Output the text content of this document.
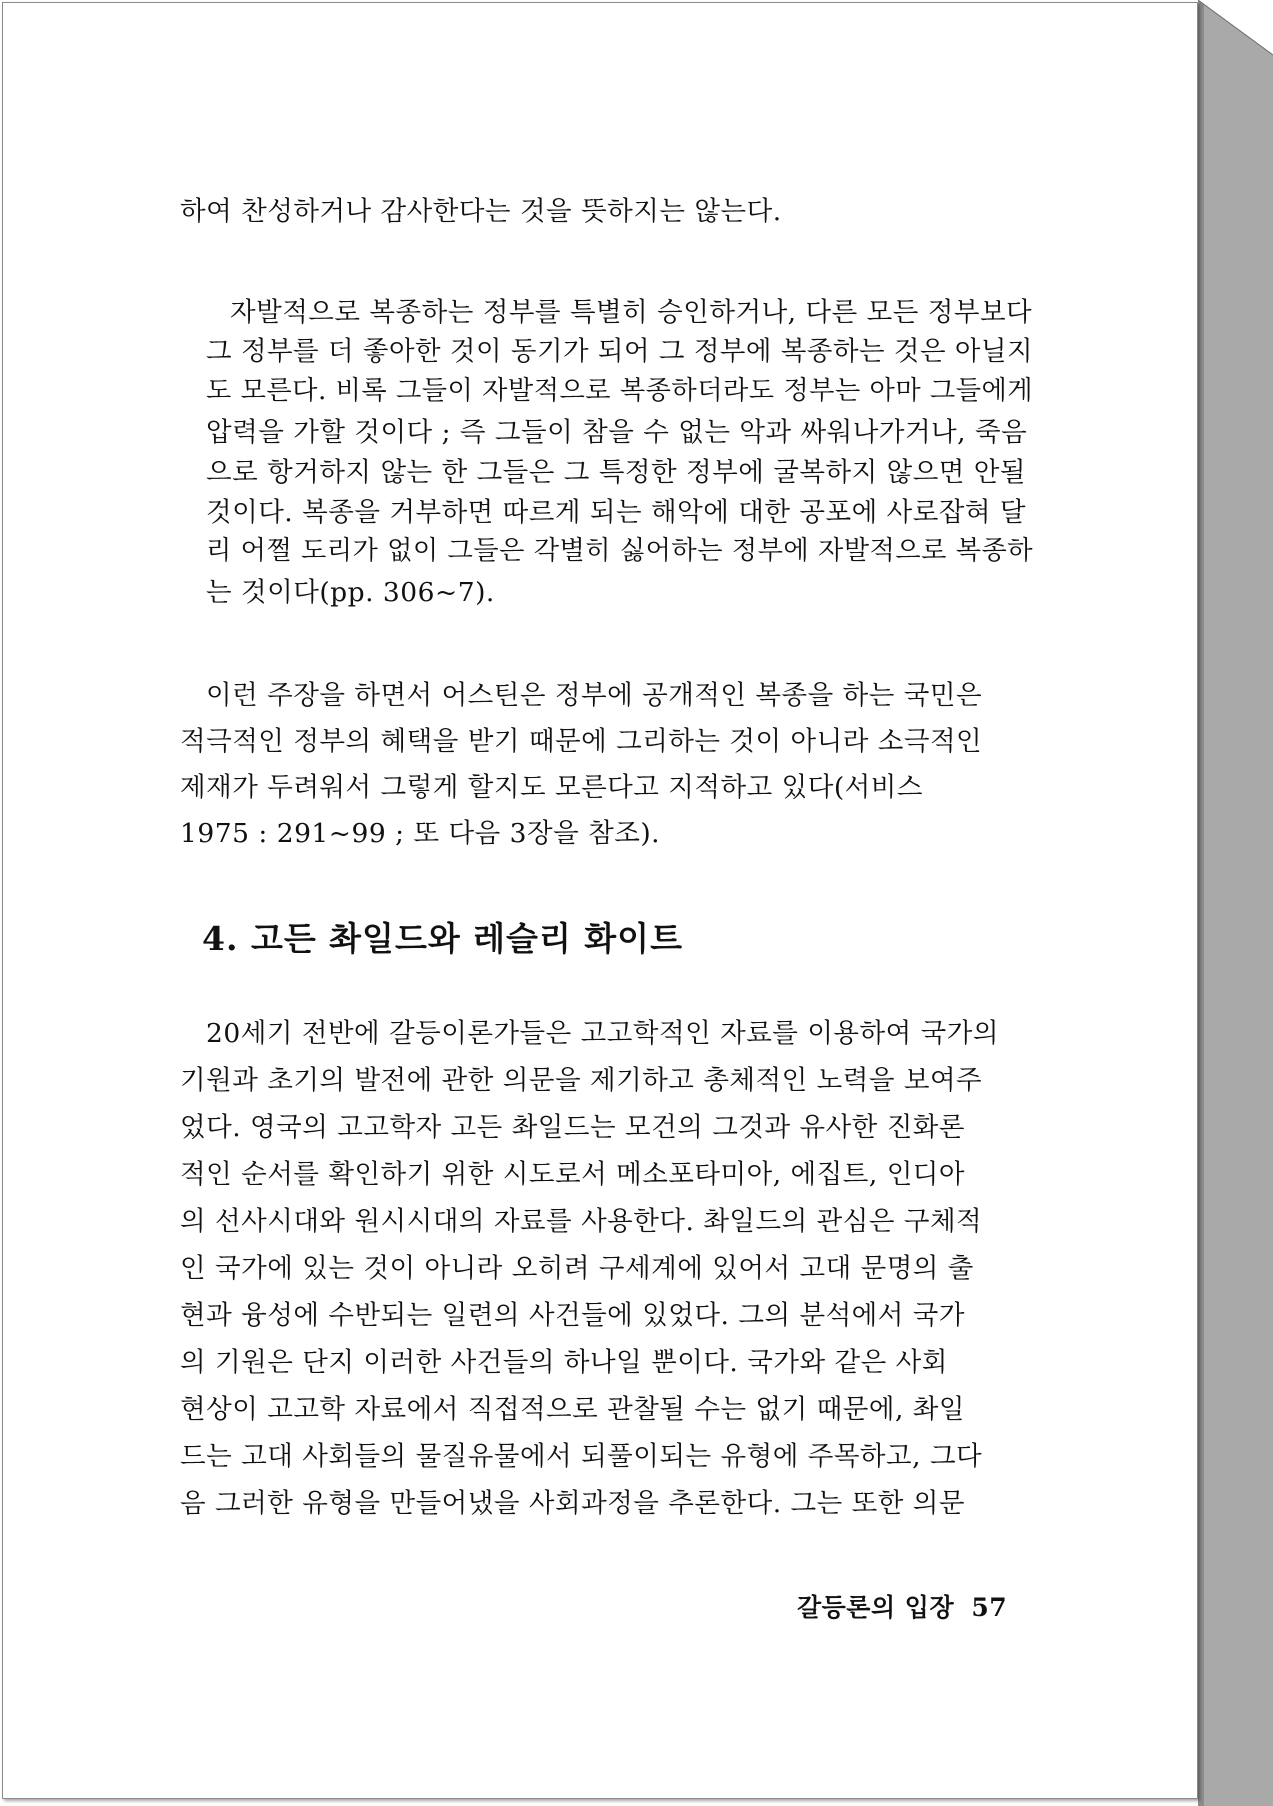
하여 찬성하거나 감사한다는 것을 뜻하지는 않는다.

자발적으로 복종하는 정부를 특별히 승인하거나, 다른 모든 정부보다

그 정부를 더 좋아한 것이 동기가 되어 그 정부에 복종하는 것은 아닐지

도 모른다. 비록 그들이 자발적으로 복종하더라도 정부는 아마 그들에게

압력을 가할 것이다 ; 즉 그들이 참을 수 없는 악과 싸워나가거나, 죽음

으로 항거하지 않는 한 그들은 그 특정한 정부에 굴복하지 않으면 안될

것이다. 복종을 거부하면 따르게 되는 해악에 대한 공포에 사로잡혀 달

리 어쩔 도리가 없이 그들은 각별히 싫어하는 정부에 자발적으로 복종하

는 것이다(pp. 306~7).

이런 주장을 하면서 어스틴은 정부에 공개적인 복종을 하는 국민은

적극적인 정부의 혜택을 받기 때문에 그리하는 것이 아니라 소극적인

제재가 두려워서 그렇게 할지도 모른다고 지적하고 있다(서비스

1975 : 291~99 ; 또 다음 3장을 참조).

4. 고든 촤일드와 레슬리 화이트

20세기 전반에 갈등이론가들은 고고학적인 자료를 이용하여 국가의

기원과 초기의 발전에 관한 의문을 제기하고 총체적인 노력을 보여주

었다. 영국의 고고학자 고든 촤일드는 모건의 그것과 유사한 진화론

적인 순서를 확인하기 위한 시도로서 메소포타미아, 에집트, 인디아

의 선사시대와 원시시대의 자료를 사용한다. 촤일드의 관심은 구체적

인 국가에 있는 것이 아니라 오히려 구세계에 있어서 고대 문명의 출

현과 융성에 수반되는 일련의 사건들에 있었다. 그의 분석에서 국가

의 기원은 단지 이러한 사건들의 하나일 뿐이다. 국가와 같은 사회

현상이 고고학 자료에서 직접적으로 관찰될 수는 없기 때문에, 촤일

드는 고대 사회들의 물질유물에서 되풀이되는 유형에 주목하고, 그다

음 그러한 유형을 만들어냈을 사회과정을 추론한다. 그는 또한 의문

갈등론의 입장 57
